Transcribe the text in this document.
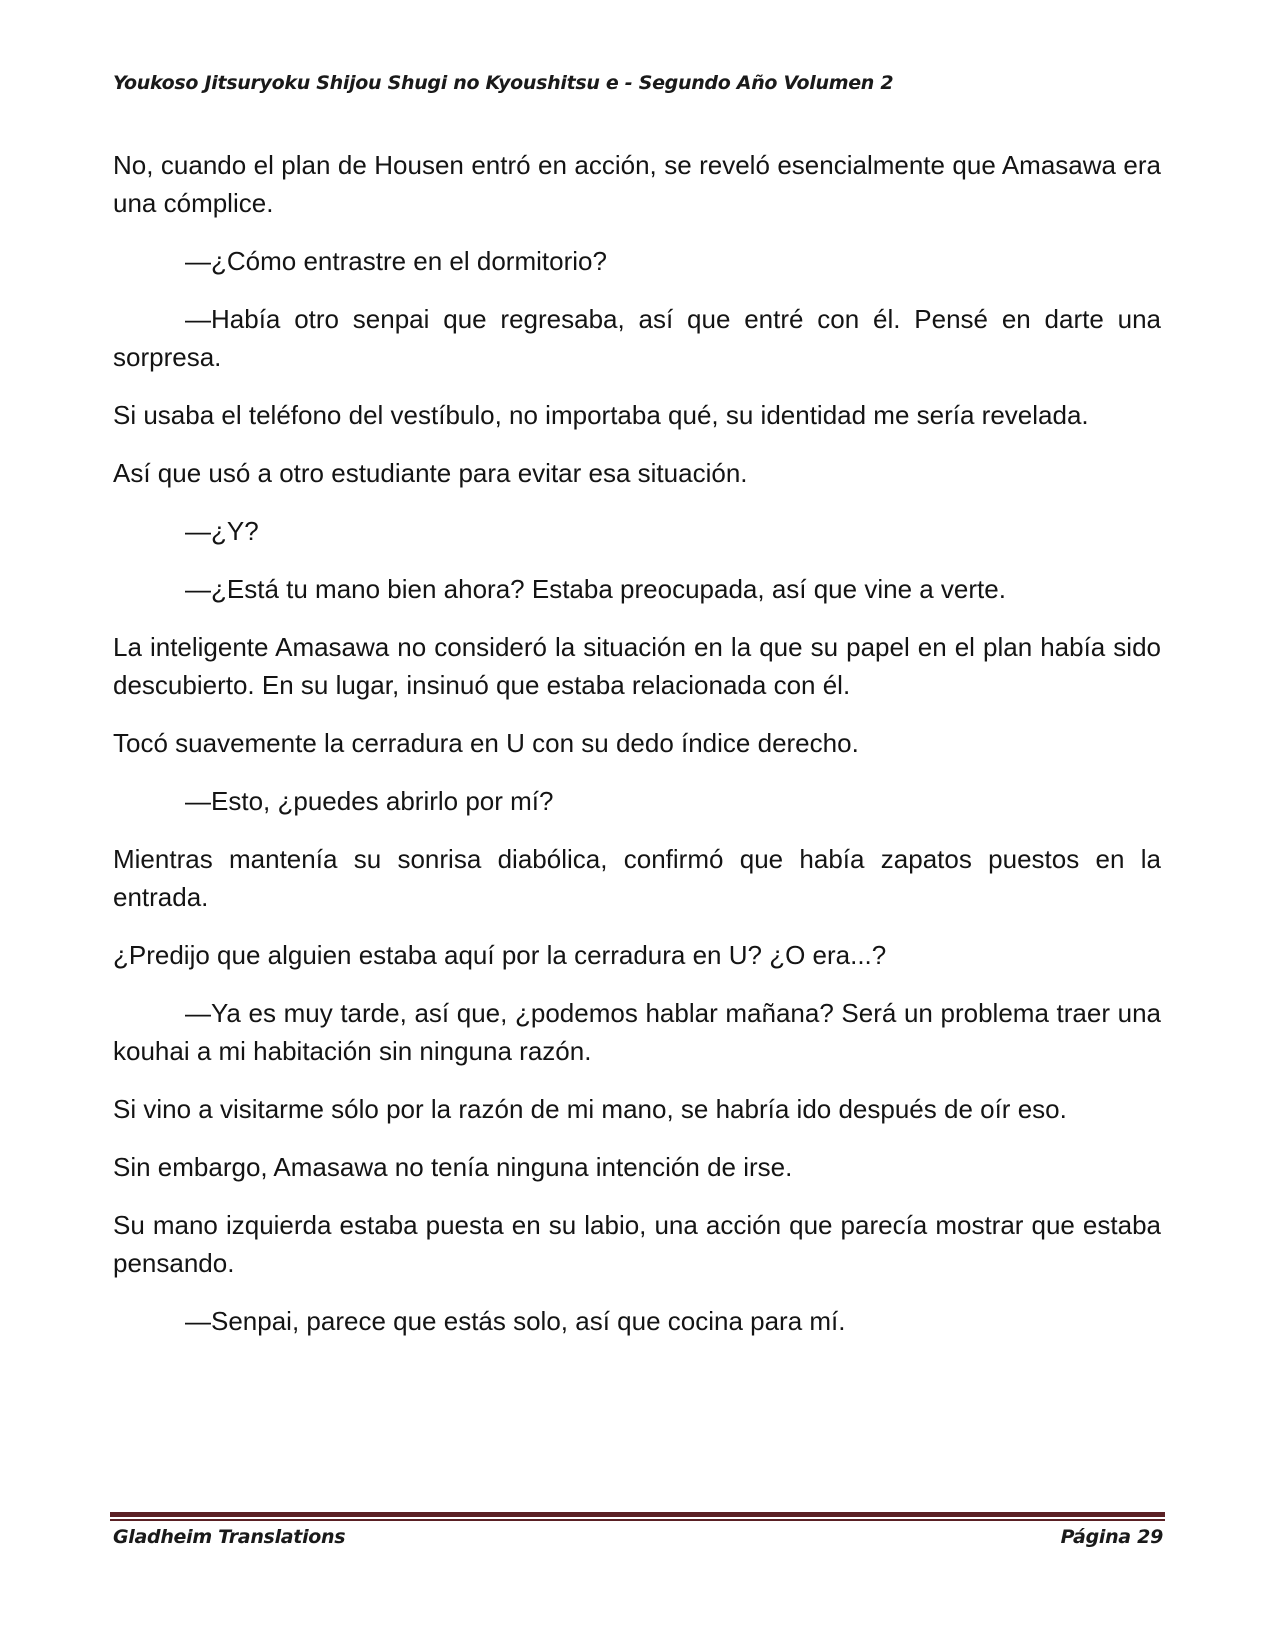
Youkoso Jitsuryoku Shijou Shugi no Kyoushitsu e - Segundo Año Volumen 2

No, cuando el plan de Housen entró en acción, se reveló esencialmente que Amasawa era una cómplice.

—¿Cómo entrastre en el dormitorio?

—Había otro senpai que regresaba, así que entré con él. Pensé en darte una sorpresa.

Si usaba el teléfono del vestíbulo, no importaba qué, su identidad me sería revelada.

Así que usó a otro estudiante para evitar esa situación.

—¿Y?

—¿Está tu mano bien ahora? Estaba preocupada, así que vine a verte.

La inteligente Amasawa no consideró la situación en la que su papel en el plan había sido descubierto. En su lugar, insinuó que estaba relacionada con él.

Tocó suavemente la cerradura en U con su dedo índice derecho.

—Esto, ¿puedes abrirlo por mí?

Mientras mantenía su sonrisa diabólica, confirmó que había zapatos puestos en la entrada.

¿Predijo que alguien estaba aquí por la cerradura en U? ¿O era...?

—Ya es muy tarde, así que, ¿podemos hablar mañana? Será un problema traer una kouhai a mi habitación sin ninguna razón.

Si vino a visitarme sólo por la razón de mi mano, se habría ido después de oír eso.

Sin embargo, Amasawa no tenía ninguna intención de irse.

Su mano izquierda estaba puesta en su labio, una acción que parecía mostrar que estaba pensando.

—Senpai, parece que estás solo, así que cocina para mí.

Gladheim Translations	Página 29
